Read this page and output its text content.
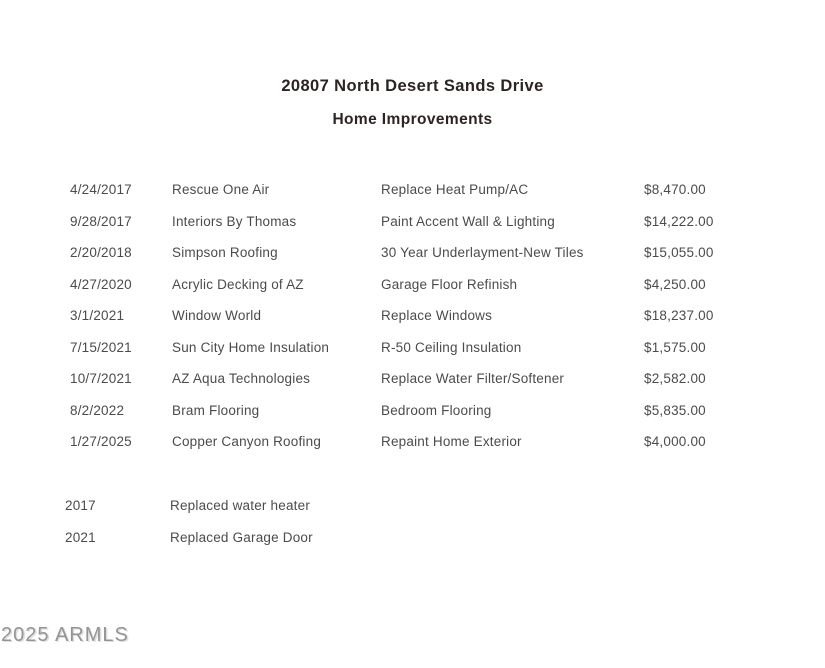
20807 North Desert Sands Drive
Home Improvements
4/24/2017	Rescue One Air	Replace Heat Pump/AC	$8,470.00
9/28/2017	Interiors By Thomas	Paint Accent Wall & Lighting	$14,222.00
2/20/2018	Simpson Roofing	30 Year Underlayment-New Tiles	$15,055.00
4/27/2020	Acrylic Decking of AZ	Garage Floor Refinish	$4,250.00
3/1/2021	Window World	Replace Windows	$18,237.00
7/15/2021	Sun City Home Insulation	R-50 Ceiling Insulation	$1,575.00
10/7/2021	AZ Aqua Technologies	Replace Water Filter/Softener	$2,582.00
8/2/2022	Bram Flooring	Bedroom Flooring	$5,835.00
1/27/2025	Copper Canyon Roofing	Repaint Home Exterior	$4,000.00
2017	Replaced water heater
2021	Replaced Garage Door
2025 ARMLS
